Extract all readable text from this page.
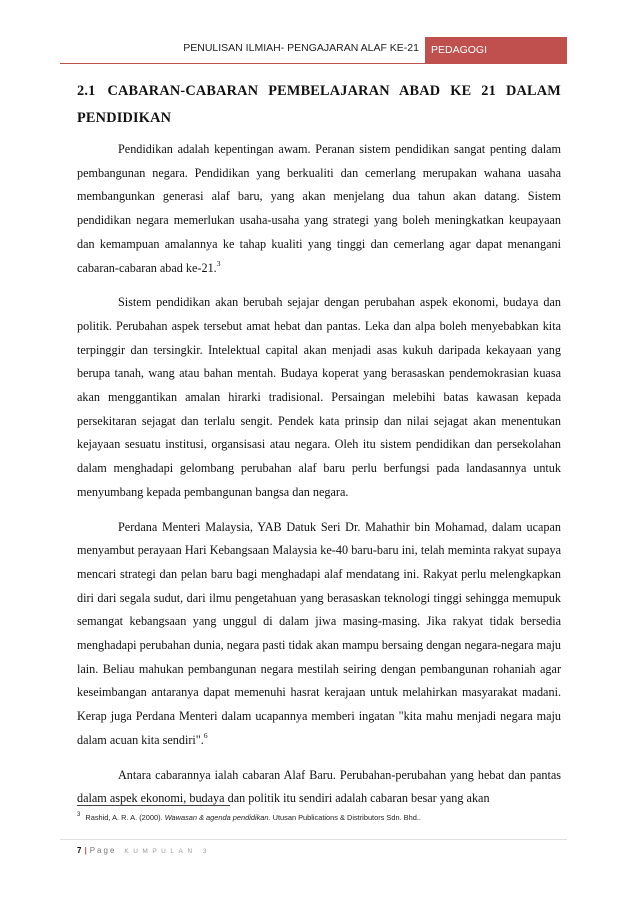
PENULISAN ILMIAH- PENGAJARAN ALAF KE-21	PEDAGOGI
2.1 CABARAN-CABARAN PEMBELAJARAN ABAD KE 21 DALAM PENDIDIKAN

Pendidikan adalah kepentingan awam. Peranan sistem pendidikan sangat penting dalam pembangunan negara. Pendidikan yang berkualiti dan cemerlang merupakan wahana uasaha membangunkan generasi alaf baru, yang akan menjelang dua tahun akan datang. Sistem pendidikan negara memerlukan usaha-usaha yang strategi yang boleh meningkatkan keupayaan dan kemampuan amalannya ke tahap kualiti yang tinggi dan cemerlang agar dapat menangani cabaran-cabaran abad ke-21.$^3$

Sistem pendidikan akan berubah sejajar dengan perubahan aspek ekonomi, budaya dan politik. Perubahan aspek tersebut amat hebat dan pantas. Leka dan alpa boleh menyebabkan kita terpinggir dan tersingkir. Intelektual capital akan menjadi asas kukuh daripada kekayaan yang berupa tanah, wang atau bahan mentah. Budaya koperat yang berasaskan pendemokrasian kuasa akan menggantikan amalan hirarki tradisional. Persaingan melebihi batas kawasan kepada persekitaran sejagat dan terlalu sengit. Pendek kata prinsip dan nilai sejagat akan menentukan kejayaan sesuatu institusi, organsisasi atau negara. Oleh itu sistem pendidikan dan persekolahan dalam menghadapi gelombang perubahan alaf baru perlu berfungsi pada landasannya untuk menyumbang kepada pembangunan bangsa dan negara.

Perdana Menteri Malaysia, YAB Datuk Seri Dr. Mahathir bin Mohamad, dalam ucapan menyambut perayaan Hari Kebangsaan Malaysia ke-40 baru-baru ini, telah meminta rakyat supaya mencari strategi dan pelan baru bagi menghadapi alaf mendatang ini. Rakyat perlu melengkapkan diri dari segala sudut, dari ilmu pengetahuan yang berasaskan teknologi tinggi sehingga memupuk semangat kebangsaan yang unggul di dalam jiwa masing-masing. Jika rakyat tidak bersedia menghadapi perubahan dunia, negara pasti tidak akan mampu bersaing dengan negara-negara maju lain. Beliau mahukan pembangunan negara mestilah seiring dengan pembangunan rohaniah agar keseimbangan antaranya dapat memenuhi hasrat kerajaan untuk melahirkan masyarakat madani. Kerap juga Perdana Menteri dalam ucapannya memberi ingatan "kita mahu menjadi negara maju dalam acuan kita sendiri".$^6$

Antara cabarannya ialah cabaran Alaf Baru. Perubahan-perubahan yang hebat dan pantas dalam aspek ekonomi, budaya dan politik itu sendiri adalah cabaran besar yang akan

$^3$ Rashid, A. R. A. (2000). Wawasan & agenda pendidikan. Utusan Publications & Distributors Sdn. Bhd..
7 | Page KUMPULAN 3
